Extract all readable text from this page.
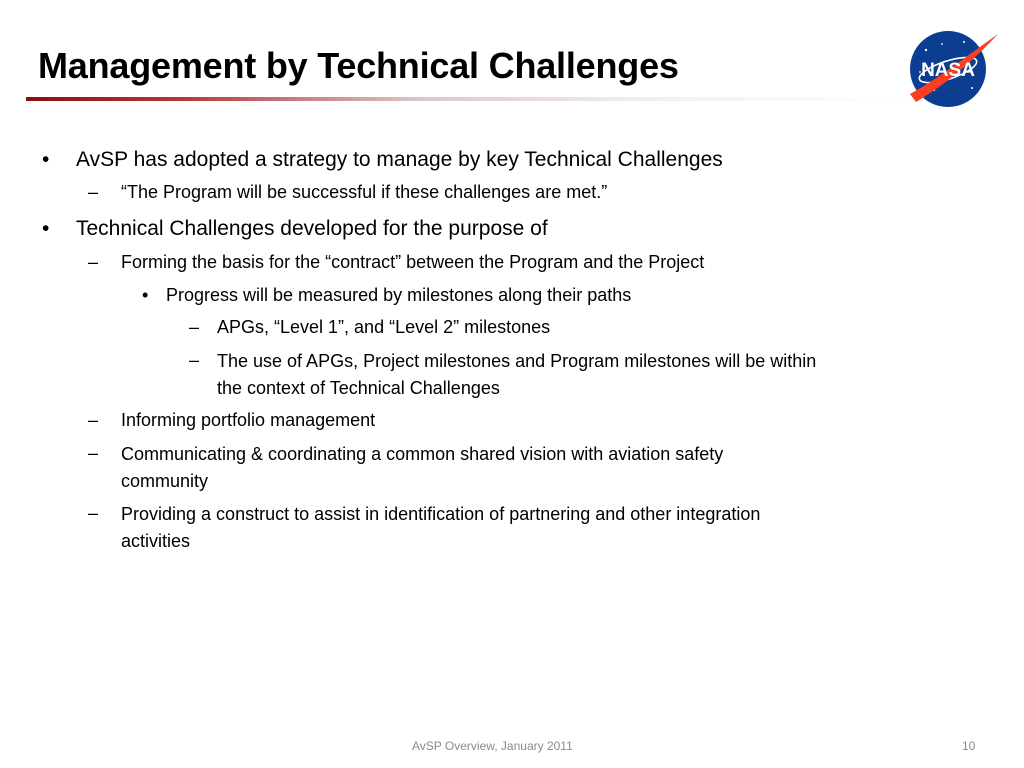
Management by Technical Challenges	NASA
• AvSP has adopted a strategy to manage by key Technical Challenges
– “The Program will be successful if these challenges are met.”
• Technical Challenges developed for the purpose of
– Forming the basis for the “contract” between the Program and the Project
• Progress will be measured by milestones along their paths
– APGs, “Level 1”, and “Level 2” milestones
– The use of APGs, Project milestones and Program milestones will be within
the context of Technical Challenges
– Informing portfolio management
– Communicating & coordinating a common shared vision with aviation safety
community
– Providing a construct to assist in identification of partnering and other integration
activities
AvSP Overview, January 2011	10
